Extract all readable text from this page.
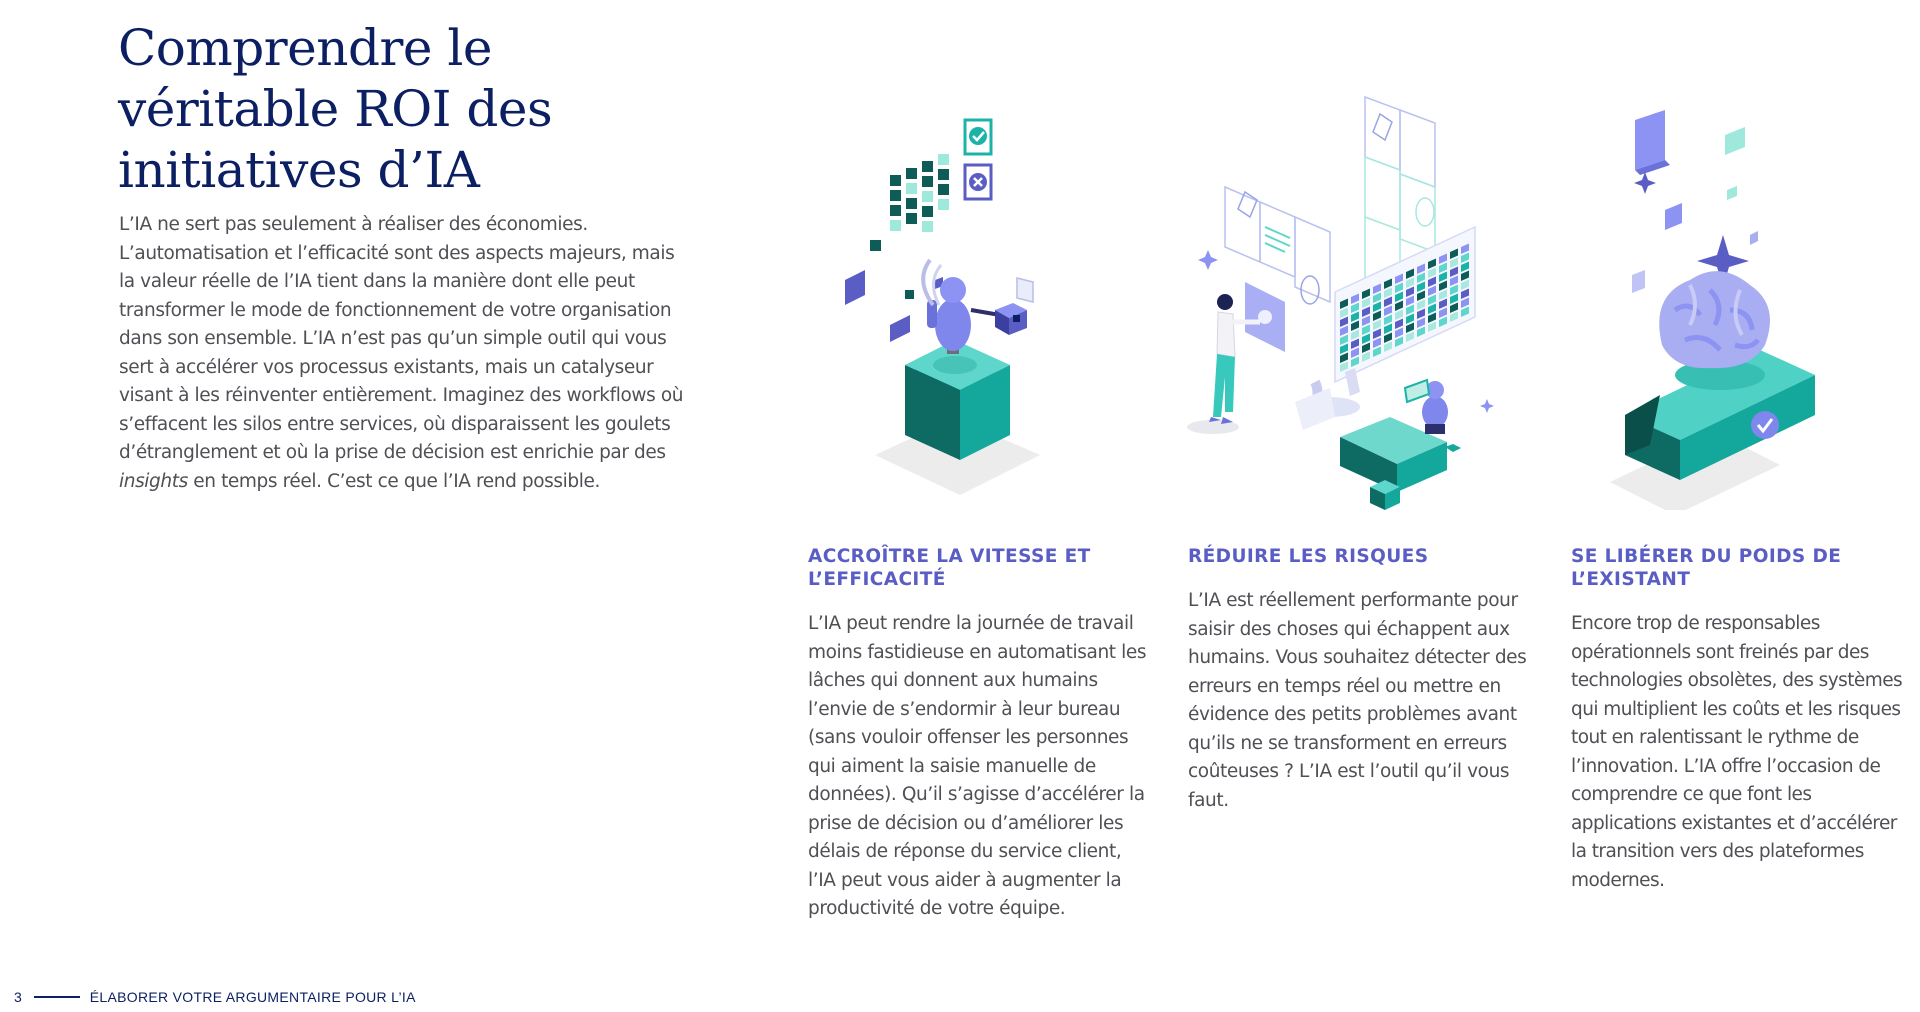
Comprendre le véritable ROI des initiatives d’IA

L’IA ne sert pas seulement à réaliser des économies. L’automatisation et l’efficacité sont des aspects majeurs, mais la valeur réelle de l’IA tient dans la manière dont elle peut transformer le mode de fonctionnement de votre organisation dans son ensemble. L’IA n’est pas qu’un simple outil qui vous sert à accélérer vos processus existants, mais un catalyseur visant à les réinventer entièrement. Imaginez des workflows où s’effacent les silos entre services, où disparaissent les goulets d’étranglement et où la prise de décision est enrichie par des insights en temps réel. C’est ce que l’IA rend possible.

ACCROÎTRE LA VITESSE ET L’EFFICACITÉ

L’IA peut rendre la journée de travail moins fastidieuse en automatisant les lâches qui donnent aux humains l’envie de s’endormir à leur bureau (sans vouloir offenser les personnes qui aiment la saisie manuelle de données). Qu’il s’agisse d’accélérer la prise de décision ou d’améliorer les délais de réponse du service client, l’IA peut vous aider à augmenter la productivité de votre équipe.

RÉDUIRE LES RISQUES

L’IA est réellement performante pour saisir des choses qui échappent aux humains. Vous souhaitez détecter des erreurs en temps réel ou mettre en évidence des petits problèmes avant qu’ils ne se transforment en erreurs coûteuses ? L’IA est l’outil qu’il vous faut.

SE LIBÉRER DU POIDS DE L’EXISTANT

Encore trop de responsables opérationnels sont freinés par des technologies obsolètes, des systèmes qui multiplient les coûts et les risques tout en ralentissant le rythme de l’innovation. L’IA offre l’occasion de comprendre ce que font les applications existantes et d’accélérer la transition vers des plateformes modernes.

3	ÉLABORER VOTRE ARGUMENTAIRE POUR L’IA
